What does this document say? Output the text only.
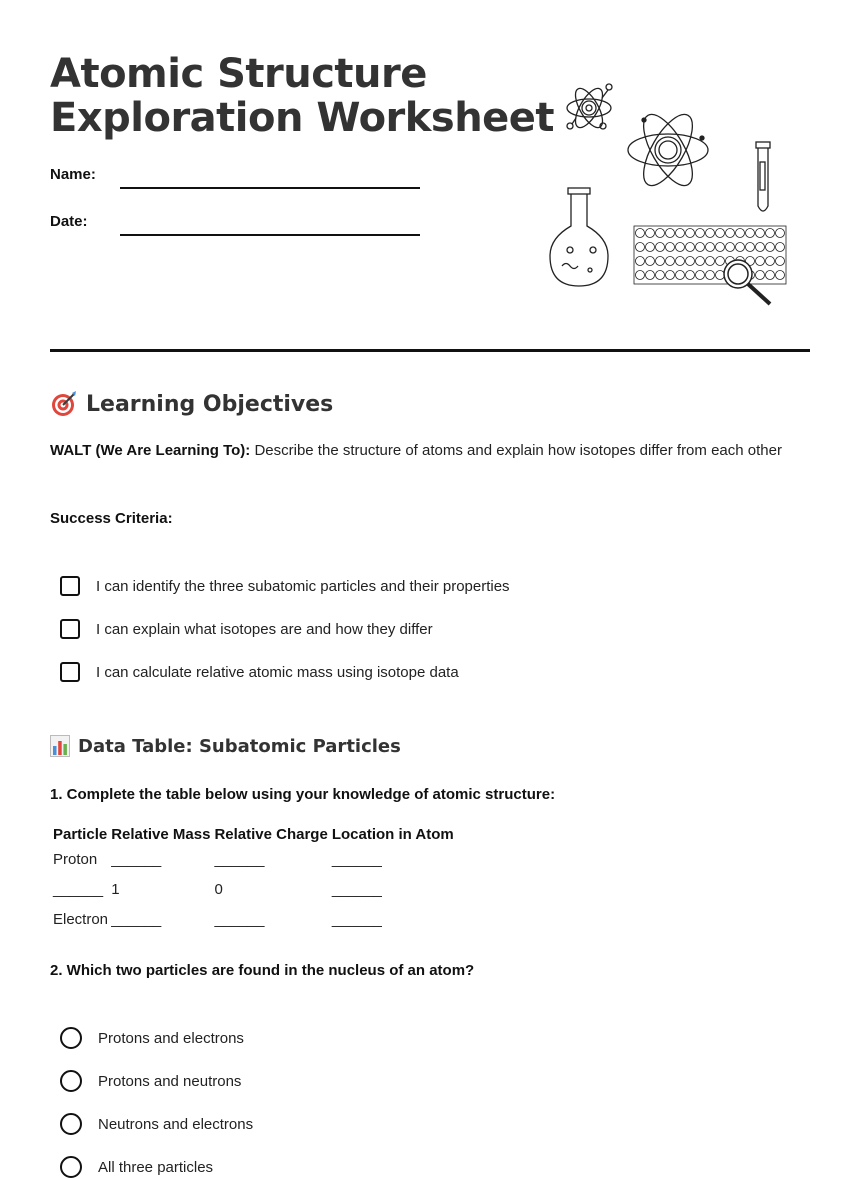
Atomic Structure
Exploration Worksheet
Name:
Date:
Learning Objectives
WALT (We Are Learning To): Describe the structure of atoms and explain how isotopes differ from each other
Success Criteria:
I can identify the three subatomic particles and their properties
I can explain what isotopes are and how they differ
I can calculate relative atomic mass using isotope data
Data Table: Subatomic Particles
1. Complete the table below using your knowledge of atomic structure:
Particle	Relative Mass	Relative Charge	Location in Atom
Proton	______	______	______
______	1	0	______
Electron	______	______	______
2. Which two particles are found in the nucleus of an atom?
Protons and electrons
Protons and neutrons
Neutrons and electrons
All three particles
